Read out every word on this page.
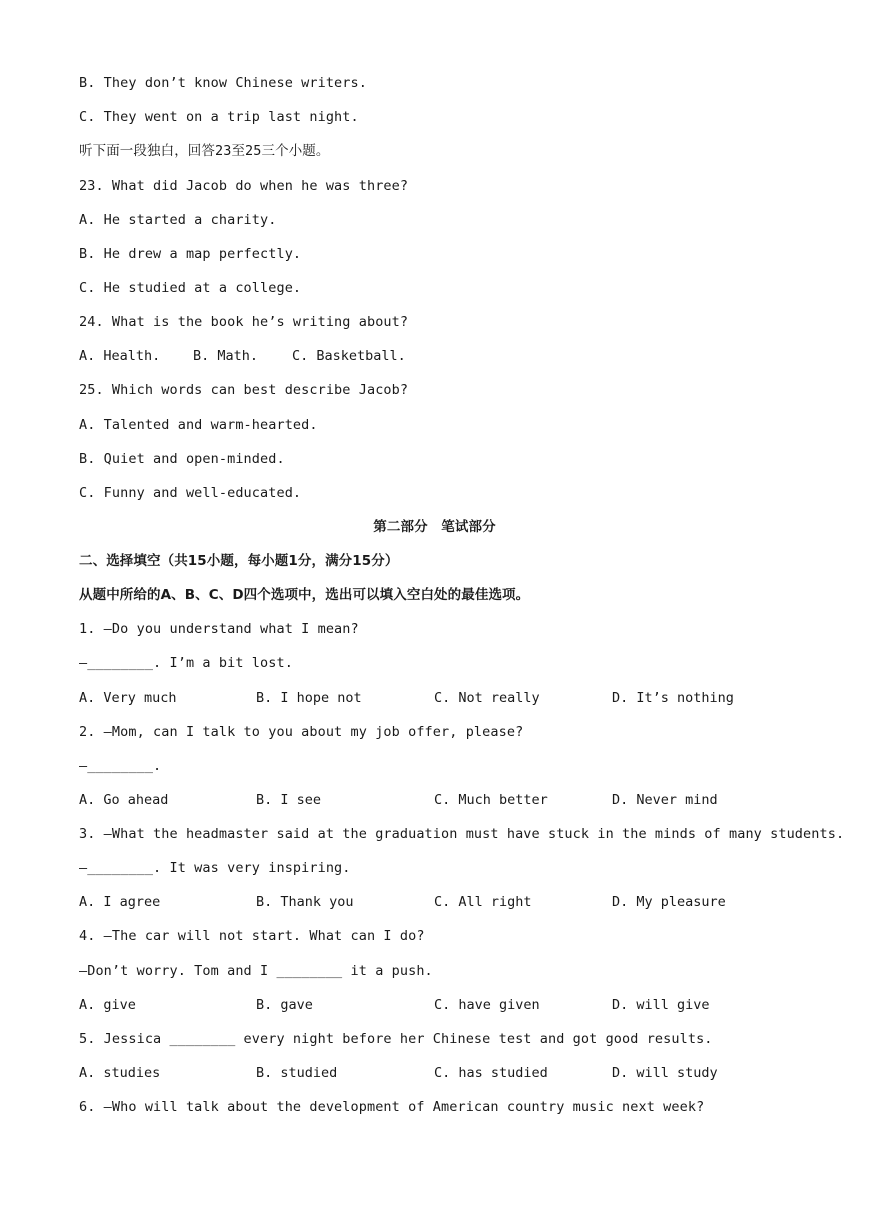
B. They don’t know Chinese writers.
C. They went on a trip last night.
听下面一段独白，回答23至25三个小题。
23. What did Jacob do when he was three?
A. He started a charity.
B. He drew a map perfectly.
C. He studied at a college.
24. What is the book he’s writing about?
A. Health. B. Math.	C. Basketball.
25. Which words can best describe Jacob?
A. Talented and warm-hearted.
B. Quiet and open-minded.
C. Funny and well-educated.
第二部分　笔试部分
二、选择填空（共15小题，每小题1分，满分15分）
从题中所给的A、B、C、D四个选项中，选出可以填入空白处的最佳选项。
1. —Do you understand what I mean?
—________. I’m a bit lost.
A. Very much	B. I hope not	C. Not really	D. It’s nothing
2. —Mom, can I talk to you about my job offer, please?
—________.
A. Go ahead	B. I see	C. Much better	D. Never mind
3. —What the headmaster said at the graduation must have stuck in the minds of many students.
—________. It was very inspiring.
A. I agree	B. Thank you	C. All right	D. My pleasure
4. —The car will not start. What can I do?
—Don’t worry. Tom and I ________ it a push.
A. give	B. gave	C. have given	D. will give
5. Jessica ________ every night before her Chinese test and got good results.
A. studies	B. studied	C. has studied	D. will study
6. —Who will talk about the development of American country music next week?
